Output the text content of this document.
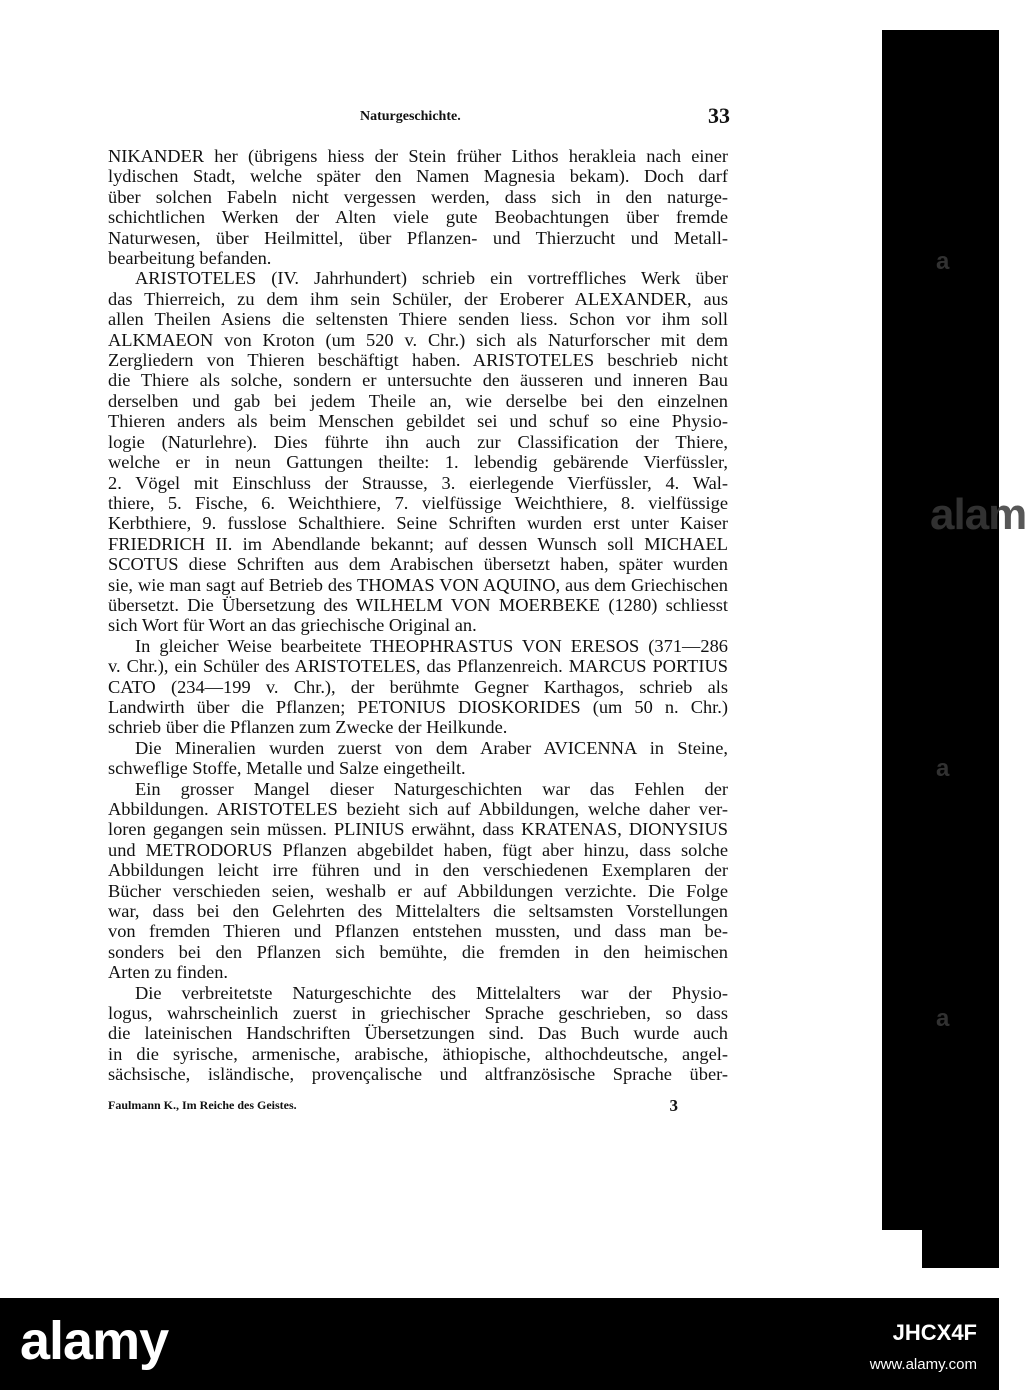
alam
a
a
a
Naturgeschichte.	33
NIKANDER her (übrigens hiess der Stein früher Lithos herakleia nach einer
lydischen Stadt, welche später den Namen Magnesia bekam). Doch darf
über solchen Fabeln nicht vergessen werden, dass sich in den naturge-
schichtlichen Werken der Alten viele gute Beobachtungen über fremde
Naturwesen, über Heilmittel, über Pflanzen- und Thierzucht und Metall-
bearbeitung befanden.
ARISTOTELES (IV. Jahrhundert) schrieb ein vortreffliches Werk über
das Thierreich, zu dem ihm sein Schüler, der Eroberer ALEXANDER, aus
allen Theilen Asiens die seltensten Thiere senden liess. Schon vor ihm soll
ALKMAEON von Kroton (um 520 v. Chr.) sich als Naturforscher mit dem
Zergliedern von Thieren beschäftigt haben. ARISTOTELES beschrieb nicht
die Thiere als solche, sondern er untersuchte den äusseren und inneren Bau
derselben und gab bei jedem Theile an, wie derselbe bei den einzelnen
Thieren anders als beim Menschen gebildet sei und schuf so eine Physio-
logie (Naturlehre). Dies führte ihn auch zur Classification der Thiere,
welche er in neun Gattungen theilte: 1. lebendig gebärende Vierfüssler,
2. Vögel mit Einschluss der Strausse, 3. eierlegende Vierfüssler, 4. Wal-
thiere, 5. Fische, 6. Weichthiere, 7. vielfüssige Weichthiere, 8. vielfüssige
Kerbthiere, 9. fusslose Schalthiere. Seine Schriften wurden erst unter Kaiser
FRIEDRICH II. im Abendlande bekannt; auf dessen Wunsch soll MICHAEL
SCOTUS diese Schriften aus dem Arabischen übersetzt haben, später wurden
sie, wie man sagt auf Betrieb des THOMAS VON AQUINO, aus dem Griechischen
übersetzt. Die Übersetzung des WILHELM VON MOERBEKE (1280) schliesst
sich Wort für Wort an das griechische Original an.
In gleicher Weise bearbeitete THEOPHRASTUS VON ERESOS (371—286
v. Chr.), ein Schüler des ARISTOTELES, das Pflanzenreich. MARCUS PORTIUS
CATO (234—199 v. Chr.), der berühmte Gegner Karthagos, schrieb als
Landwirth über die Pflanzen; PETONIUS DIOSKORIDES (um 50 n. Chr.)
schrieb über die Pflanzen zum Zwecke der Heilkunde.
Die Mineralien wurden zuerst von dem Araber AVICENNA in Steine,
schweflige Stoffe, Metalle und Salze eingetheilt.
Ein grosser Mangel dieser Naturgeschichten war das Fehlen der
Abbildungen. ARISTOTELES bezieht sich auf Abbildungen, welche daher ver-
loren gegangen sein müssen. PLINIUS erwähnt, dass KRATENAS, DIONYSIUS
und METRODORUS Pflanzen abgebildet haben, fügt aber hinzu, dass solche
Abbildungen leicht irre führen und in den verschiedenen Exemplaren der
Bücher verschieden seien, weshalb er auf Abbildungen verzichte. Die Folge
war, dass bei den Gelehrten des Mittelalters die seltsamsten Vorstellungen
von fremden Thieren und Pflanzen entstehen mussten, und dass man be-
sonders bei den Pflanzen sich bemühte, die fremden in den heimischen
Arten zu finden.
Die verbreitetste Naturgeschichte des Mittelalters war der Physio-
logus, wahrscheinlich zuerst in griechischer Sprache geschrieben, so dass
die lateinischen Handschriften Übersetzungen sind. Das Buch wurde auch
in die syrische, armenische, arabische, äthiopische, althochdeutsche, angel-
sächsische, isländische, provençalische und altfranzösische Sprache über-
Faulmann K., Im Reiche des Geistes.	3
alamy	JHCX4F
www.alamy.com
